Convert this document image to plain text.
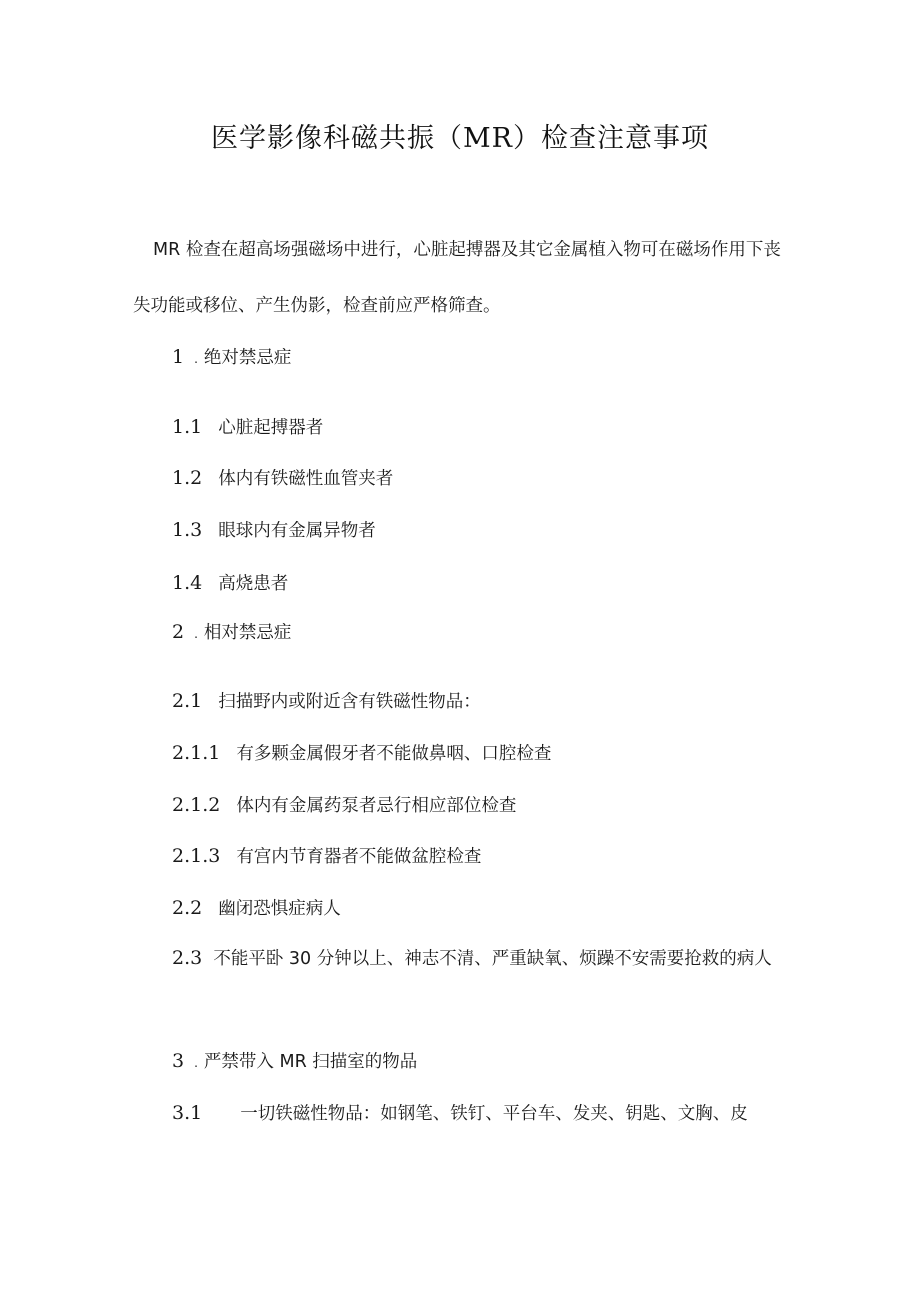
医学影像科磁共振（MR）检查注意事项
MR 检查在超高场强磁场中进行，心脏起搏器及其它金属植入物可在磁场作用下丧失功能或移位、产生伪影，检查前应严格筛查。
1 . 绝对禁忌症
1.1 心脏起搏器者
1.2 体内有铁磁性血管夹者
1.3 眼球内有金属异物者
1.4 高烧患者
2 . 相对禁忌症
2.1 扫描野内或附近含有铁磁性物品：
2.1.1 有多颗金属假牙者不能做鼻咽、口腔检查
2.1.2 体内有金属药泵者忌行相应部位检查
2.1.3 有宫内节育器者不能做盆腔检查
2.2 幽闭恐惧症病人
2.3 不能平卧 30 分钟以上、神志不清、严重缺氧、烦躁不安需要抢救的病人
3 . 严禁带入 MR 扫描室的物品
3.1 一切铁磁性物品：如钢笔、铁钉、平台车、发夹、钥匙、文胸、皮
